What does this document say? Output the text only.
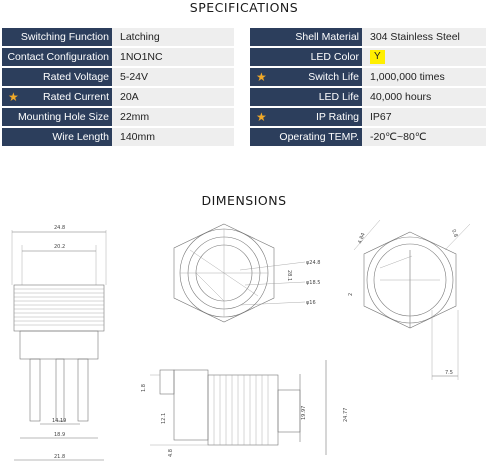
SPECIFICATIONS
Switching Function	Latching
Contact Configuration	1NO1NC
Rated Voltage	5-24V
★ Rated Current	20A
Mounting Hole Size	22mm
Wire Length	140mm
Shell Material	304 Stainless Steel
LED Color	Y
★	Switch Life	1,000,000 times
LED Life	40,000 hours
★	IP Rating	IP67
Operating TEMP.	-20℃~80℃
DIMENSIONS
24.8
20.2
14.19
18.9
21.8
φ24.8
φ18.5
φ16
28.1
7.5
4.84	0.8
2
1.8
12.1	19.97	24.77
4.8
